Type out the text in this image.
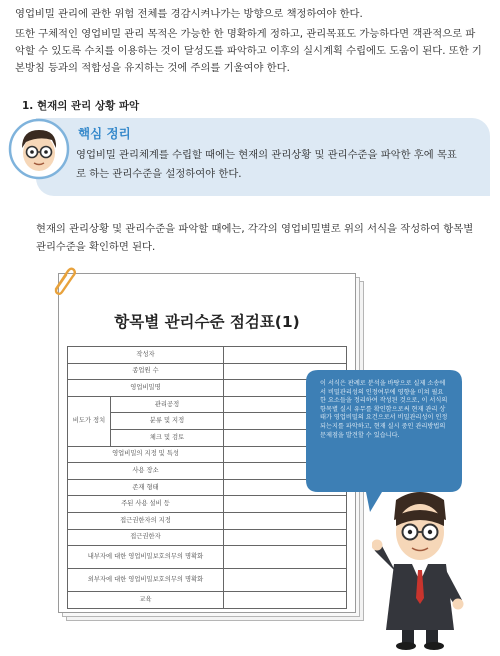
영업비밀 관리에 관한 위험 전체를 경감시켜나가는 방향으로 책정하여야 한다.
또한 구체적인 영업비밀 관리 목적은 가능한 한 명확하게 정하고, 관리목표도 가능하다면 객관적으로 파악할 수 있도록 수치를 이용하는 것이 달성도를 파악하고 이후의 실시계획 수립에도 도움이 된다. 또한 기본방침 등과의 적합성을 유지하는 것에 주의를 기울여야 한다.
1. 현재의 관리 상황 파악
핵심 정리
영업비밀 관리체계를 수립할 때에는 현재의 관리상황 및 관리수준을 파악한 후에 목표로 하는 관리수준을 설정하여야 한다.
현재의 관리상황 및 관리수준을 파악할 때에는, 각각의 영업비밀별로 위의 서식을 작성하여 항목별 관리수준을 확인하면 된다.
항목별 관리수준 점검표(1)
작성자		
종업원 수		
영업비밀명		
비도가 정치	관리공정	
	분류 및 지정	
	체크 및 검토	
영업비밀의 지정 및 특성		
사용 장소		
존재 형태		
주된 사용 설비 등		
접근권한자의 지정		
접근권한자		
내부자에 대한 영업비밀보호의무의 명확화		
외부자에 대한 영업비밀보호의무의 명확화		
교육		
이 서식은 판례로 분석을 바탕으로 실제 소송에서 비밀관리성의 인정여부에 영향을 미쳐 필요한 요소들을 정리하여 작성된 것으로, 이 서식의 항목별 실시 유무를 확인함으로써 현재 관리 상태가 영업비밀의 요건으로서 비밀관리성이 인정되는지를 파악하고, 현재 실시 중인 관리방법의 문제점을 발견할 수 있습니다.
